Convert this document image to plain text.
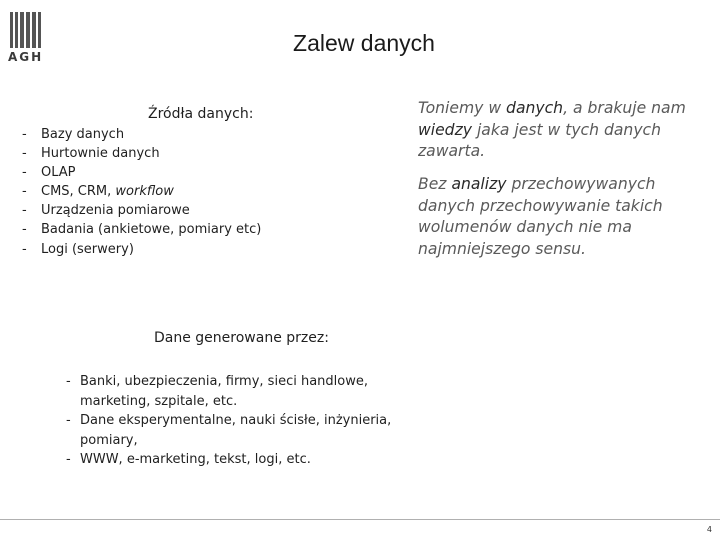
AGH
Zalew danych
Źródła danych:
- Bazy danych
- Hurtownie danych
- OLAP
- CMS, CRM, workflow
- Urządzenia pomiarowe
- Badania (ankietowe, pomiary etc)
- Logi (serwery)
Toniemy w danych, a brakuje nam wiedzy jaka jest w tych danych zawarta.
Bez analizy przechowywanych danych przechowywanie takich wolumenów danych nie ma najmniejszego sensu.
Dane generowane przez:
- Banki, ubezpieczenia, firmy, sieci handlowe, marketing, szpitale, etc.
- Dane eksperymentalne, nauki ścisłe, inżynieria, pomiary,
- WWW, e-marketing, tekst, logi, etc.
4
